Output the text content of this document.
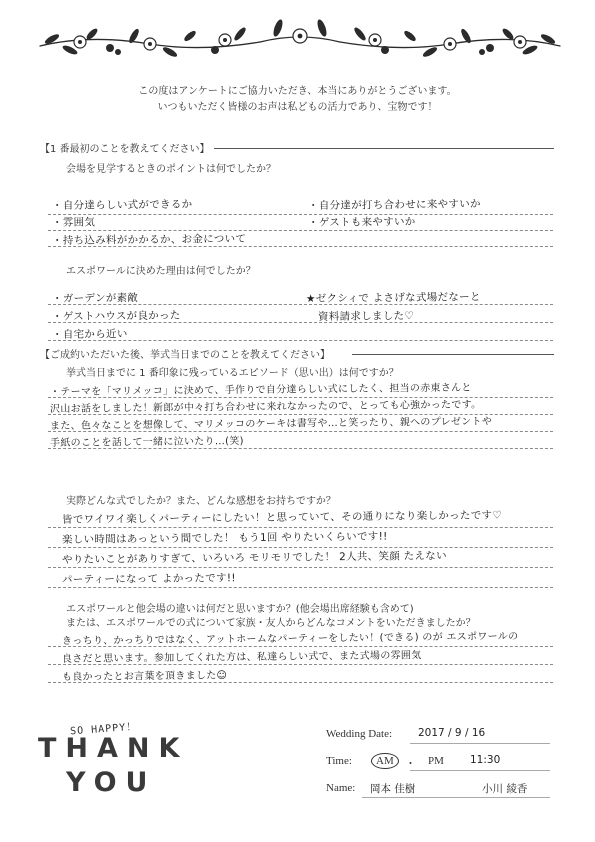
この度はアンケートにご協力いただき、本当にありがとうございます。
いつもいただく皆様のお声は私どもの活力であり、宝物です！
【1 番最初のことを教えてください】
会場を見学するときのポイントは何でしたか？
・自分達らしい式ができるか
・雰囲気
・持ち込み料がかかるか、お金について
・自分達が打ち合わせに来やすいか
・ゲストも来やすいか
エスポワールに決めた理由は何でしたか？
・ガーデンが素敵
・ゲストハウスが良かった
・自宅から近い
★ゼクシィで よさげな式場だなーと
資料請求しました♡
【ご成約いただいた後、挙式当日までのことを教えてください】
挙式当日までに 1 番印象に残っているエピソード（思い出）は何ですか？
・テーマを「マリメッコ」に決めて、手作りで自分達らしい式にしたく、担当の赤東さんと
沢山お話をしました！新郎が中々打ち合わせに来れなかったので、とっても心強かったです。
また、色々なことを想像して、マリメッコのケーキは書写や…と笑ったり、親へのプレゼントや
手紙のことを話して一緒に泣いたり…(笑)
実際どんな式でしたか？また、どんな感想をお持ちですか？
皆でワイワイ楽しくパーティーにしたい！と思っていて、その通りになり楽しかったです♡
楽しい時間はあっという間でした！ もう1回 やりたいくらいです!!
やりたいことがありすぎて、いろいろ モリモリでした！ 2人共、笑顔 たえない
パーティーになって よかったです!!
エスポワールと他会場の違いは何だと思いますか？(他会場出席経験も含めて)
または、エスポワールでの式について家族・友人からどんなコメントをいただきましたか？
きっちり、かっちりではなく、アットホームなパーティーをしたい！(できる) のが エスポワールの
良さだと思います。参加してくれた方は、私達らしい式で、また式場の雰囲気
も良かったとお言葉を頂きました☺
SO HAPPY！
THANK
YOU
Wedding Date: 2017 / 9 / 16
Time:	AM	・ PM 11:30
Name: 岡本 佳樹	小川 綾香
